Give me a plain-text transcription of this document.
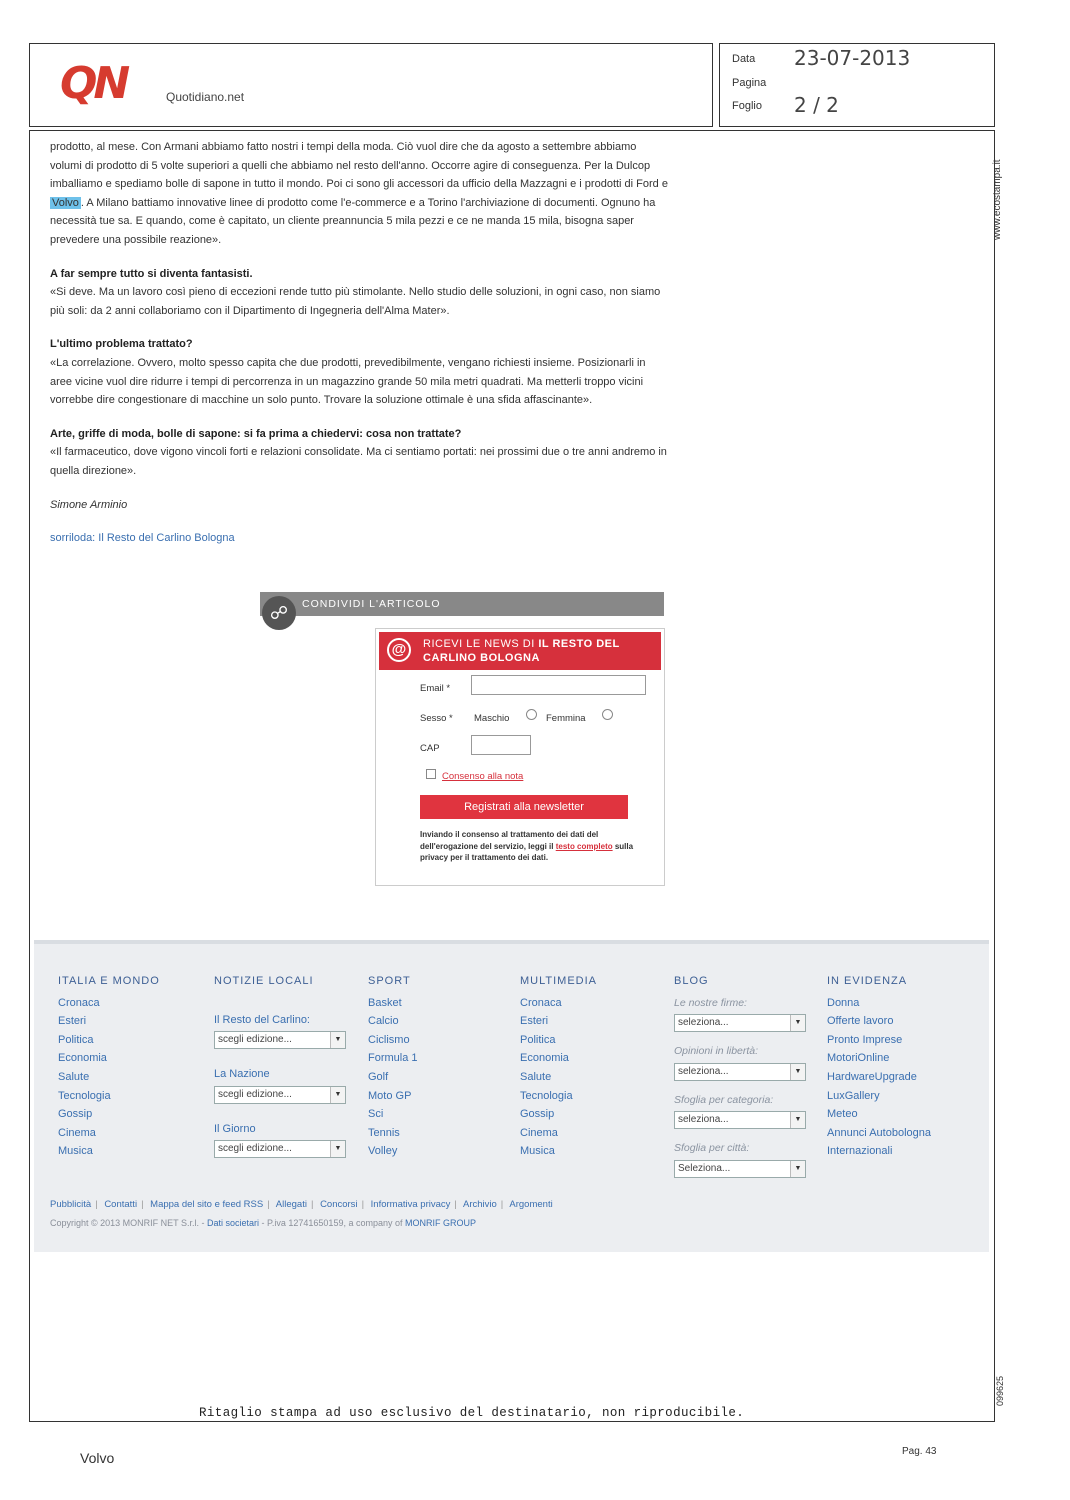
QN	Quotidiano.net
Data 23-07-2013
Pagina
Foglio 2 / 2
www.ecostampa.it
099625

prodotto, al mese. Con Armani abbiamo fatto nostri i tempi della moda. Ciò vuol dire che da agosto a settembre abbiamo volumi di prodotto di 5 volte superiori a quelli che abbiamo nel resto dell'anno. Occorre agire di conseguenza. Per la Dulcop imballiamo e spediamo bolle di sapone in tutto il mondo. Poi ci sono gli accessori da ufficio della Mazzagni e i prodotti di Ford e Volvo . A Milano battiamo innovative linee di prodotto come l'e-commerce e a Torino l'archiviazione di documenti. Ognuno ha necessità tue sa. E quando, come è capitato, un cliente preannuncia 5 mila pezzi e ce ne manda 15 mila, bisogna saper prevedere una possibile reazione».

A far sempre tutto si diventa fantasisti.

«Si deve. Ma un lavoro così pieno di eccezioni rende tutto più stimolante. Nello studio delle soluzioni, in ogni caso, non siamo più soli: da 2 anni collaboriamo con il Dipartimento di Ingegneria dell'Alma Mater».

L'ultimo problema trattato?

«La correlazione. Ovvero, molto spesso capita che due prodotti, prevedibilmente, vengano richiesti insieme. Posizionarli in aree vicine vuol dire ridurre i tempi di percorrenza in un magazzino grande 50 mila metri quadrati. Ma metterli troppo vicini vorrebbe dire congestionare di macchine un solo punto. Trovare la soluzione ottimale è una sfida affascinante».

Arte, griffe di moda, bolle di sapone: si fa prima a chiedervi: cosa non trattate?

«Il farmaceutico, dove vigono vincoli forti e relazioni consolidate. Ma ci sentiamo portati: nei prossimi due o tre anni andremo in quella direzione».

Simone Arminio

sorriloda: Il Resto del Carlino Bologna

CONDIVIDI L'ARTICOLO
☍
@	RICEVI LE NEWS DI IL RESTO DEL CARLINO BOLOGNA
Email *
Sesso * Maschio	Femmina
CAP
Consenso alla nota
Registrati alla newsletter
Inviando il consenso al trattamento dei dati del dell'erogazione del servizio, leggi il testo completo sulla privacy per il trattamento dei dati.
ITALIA E MONDO
Cronaca
Esteri
Politica
Economia
Salute
Tecnologia
Gossip
Cinema
Musica
NOTIZIE LOCALI
Il Resto del Carlino:
scegli edizione...	▼
La Nazione
scegli edizione...	▼
Il Giorno
scegli edizione...	▼
SPORT
Basket
Calcio
Ciclismo
Formula 1
Golf
Moto GP
Sci
Tennis
Volley
MULTIMEDIA
Cronaca
Esteri
Politica
Economia
Salute
Tecnologia
Gossip
Cinema
Musica
BLOG
Le nostre firme:
seleziona...	▼
Opinioni in libertà:
seleziona...	▼
Sfoglia per categoria:
seleziona...	▼
Sfoglia per città:
Seleziona...	▼
IN EVIDENZA
Donna
Offerte lavoro
Pronto Imprese
MotoriOnline
HardwareUpgrade
LuxGallery
Meteo
Annunci Autobologna
Internazionali
Pubblicità | Contatti | Mappa del sito e feed RSS | Allegati | Concorsi | Informativa privacy | Archivio | Argomenti
Copyright © 2013 MONRIF NET S.r.l. - Dati societari - P.iva 12741650159, a company of MONRIF GROUP
Ritaglio stampa ad uso esclusivo del destinatario, non riproducibile.
Volvo	Pag. 43
